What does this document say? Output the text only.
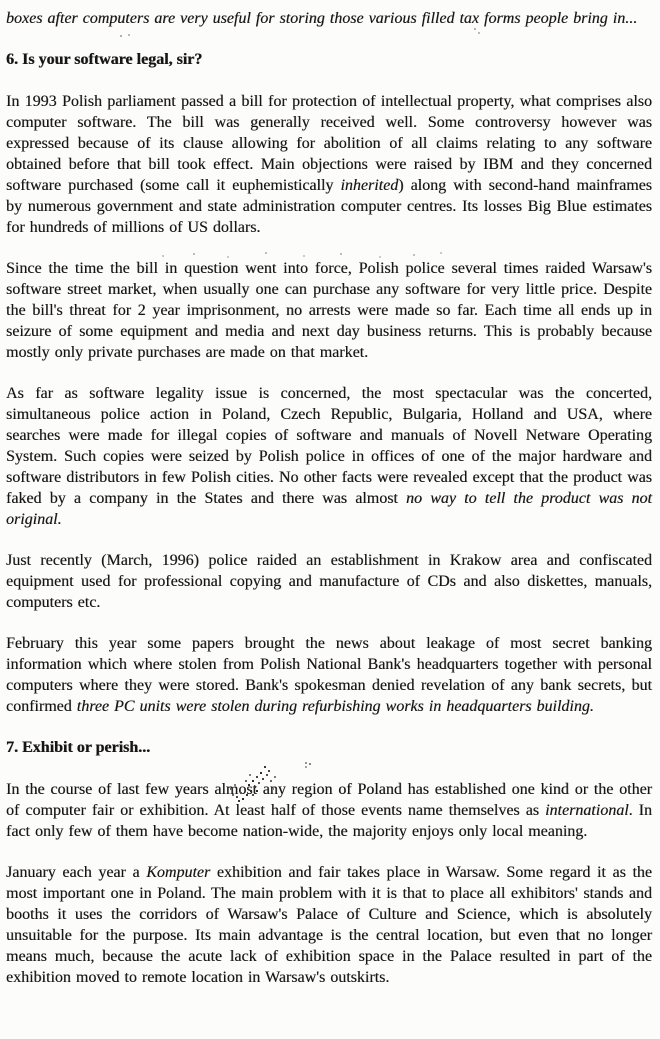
boxes after computers are very useful for storing those various filled tax forms people bring in...

6. Is your software legal, sir?

In 1993 Polish parliament passed a bill for protection of intellectual property, what comprises also computer software. The bill was generally received well. Some controversy however was expressed because of its clause allowing for abolition of all claims relating to any software obtained before that bill took effect. Main objections were raised by IBM and they concerned software purchased (some call it euphemistically inherited) along with second-hand mainframes by numerous government and state administration computer centres. Its losses Big Blue estimates for hundreds of millions of US dollars.

Since the time the bill in question went into force, Polish police several times raided Warsaw's software street market, when usually one can purchase any software for very little price. Despite the bill's threat for 2 year imprisonment, no arrests were made so far. Each time all ends up in seizure of some equipment and media and next day business returns. This is probably because mostly only private purchases are made on that market.

As far as software legality issue is concerned, the most spectacular was the concerted, simultaneous police action in Poland, Czech Republic, Bulgaria, Holland and USA, where searches were made for illegal copies of software and manuals of Novell Netware Operating System. Such copies were seized by Polish police in offices of one of the major hardware and software distributors in few Polish cities. No other facts were revealed except that the product was faked by a company in the States and there was almost no way to tell the product was not original.

Just recently (March, 1996) police raided an establishment in Krakow area and confiscated equipment used for professional copying and manufacture of CDs and also diskettes, manuals, computers etc.

February this year some papers brought the news about leakage of most secret banking information which where stolen from Polish National Bank's headquarters together with personal computers where they were stored. Bank's spokesman denied revelation of any bank secrets, but confirmed three PC units were stolen during refurbishing works in headquarters building.

7. Exhibit or perish...

In the course of last few years almost any region of Poland has established one kind or the other of computer fair or exhibition. At least half of those events name themselves as international. In fact only few of them have become nation-wide, the majority enjoys only local meaning.

January each year a Komputer exhibition and fair takes place in Warsaw. Some regard it as the most important one in Poland. The main problem with it is that to place all exhibitors' stands and booths it uses the corridors of Warsaw's Palace of Culture and Science, which is absolutely unsuitable for the purpose. Its main advantage is the central location, but even that no longer means much, because the acute lack of exhibition space in the Palace resulted in part of the exhibition moved to remote location in Warsaw's outskirts.
